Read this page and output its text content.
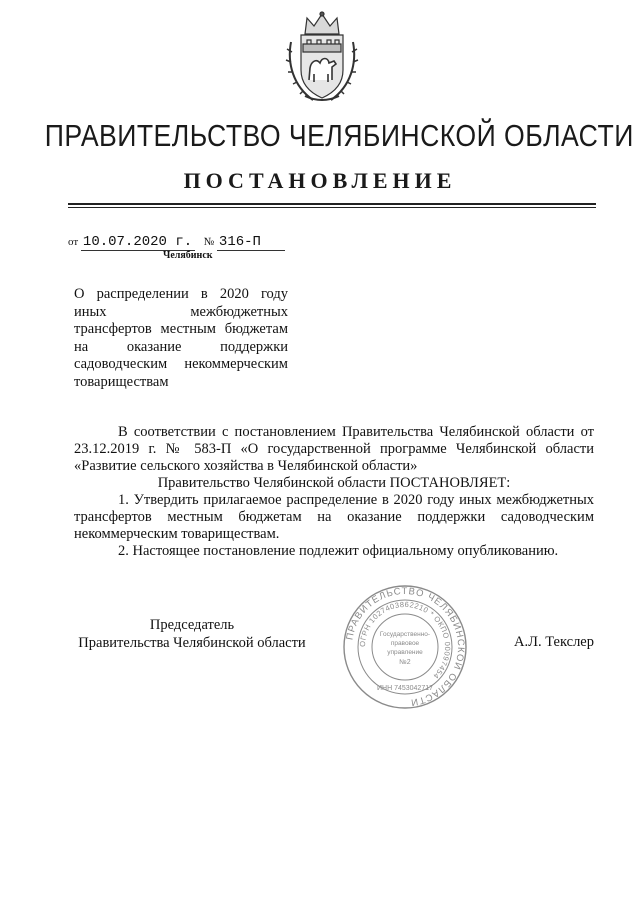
ПРАВИТЕЛЬСТВО ЧЕЛЯБИНСКОЙ ОБЛАСТИ
ПОСТАНОВЛЕНИЕ
от 10.07.2020 г. № 316-П
Челябинск
О распределении в 2020 году иных межбюджетных трансфертов местным бюджетам на оказание поддержки садоводческим некоммерческим товариществам

В соответствии с постановлением Правительства Челябинской области от 23.12.2019 г. № 583-П «О государственной программе Челябинской области «Развитие сельского хозяйства в Челябинской области»

Правительство Челябинской области ПОСТАНОВЛЯЕТ:

1. Утвердить прилагаемое распределение в 2020 году иных межбюджетных трансфертов местным бюджетам на оказание поддержки садоводческим некоммерческим товариществам.

2. Настоящее постановление подлежит официальному опубликованию.

Председатель
Правительства Челябинской области	А.Л. Текслер
ПРАВИТЕЛЬСТВО ЧЕЛЯБИНСКОЙ ОБЛАСТИ
ОГРН 1027403862210 * ОКПО 00097454
ИНН 7453042717
Государственно-
правовое
управление
№2
